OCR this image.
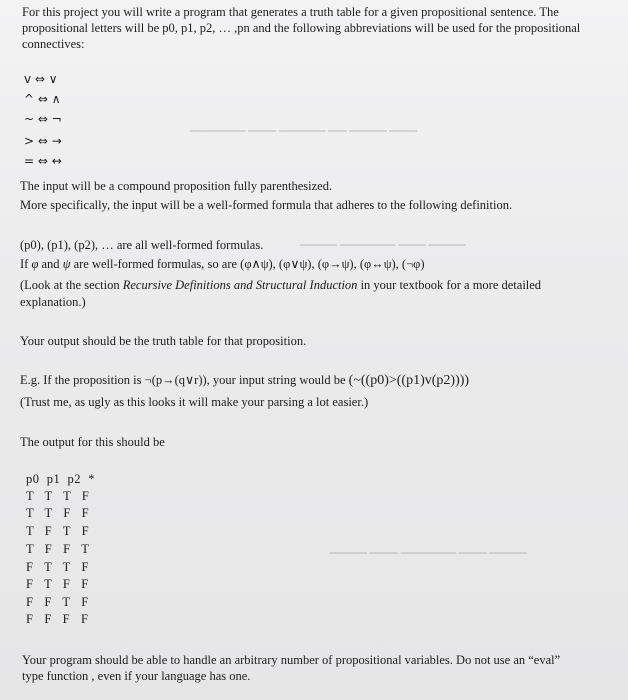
▁▁▁ ▁▁▁▁ ▁▁ ▁▁▁▁▁ ▁▁▁ ▁▁▁▁▁▁
▁▁▁▁ ▁▁▁ ▁▁▁▁▁▁ ▁▁▁▁
▁▁▁▁ ▁▁▁ ▁▁▁▁▁▁ ▁▁▁ ▁▁▁▁
For this project you will write a program that generates a truth table for a given propositional sentence. The
propositional letters will be p0, p1, p2, … ,pn and the following abbreviations will be used for the propositional
connectives:
v ⇔ ∨
^ ⇔ ∧
~ ⇔ ¬
> ⇔ →
= ⇔ ↔
The input will be a compound proposition fully parenthesized.
More specifically, the input will be a well-formed formula that adheres to the following definition.
(p0), (p1), (p2), … are all well-formed formulas.
If φ and ψ are well-formed formulas, so are (φ∧ψ), (φ∨ψ), (φ→ψ), (φ↔ψ), (¬φ)
(Look at the section Recursive Definitions and Structural Induction in your textbook for a more detailed
explanation.)
Your output should be the truth table for that proposition.
E.g. If the proposition is ¬(p→(q∨r)), your input string would be (~((p0)>((p1)v(p2))))
(Trust me, as ugly as this looks it will make your parsing a lot easier.)
The output for this should be
p0  p1  p2  *
T   T   T   F
T   T   F   F
T   F   T   F
T   F   F   T
F   T   T   F
F   T   F   F
F   F   T   F
F   F   F   F
Your program should be able to handle an arbitrary number of propositional variables. Do not use an “eval”
type function , even if your language has one.
